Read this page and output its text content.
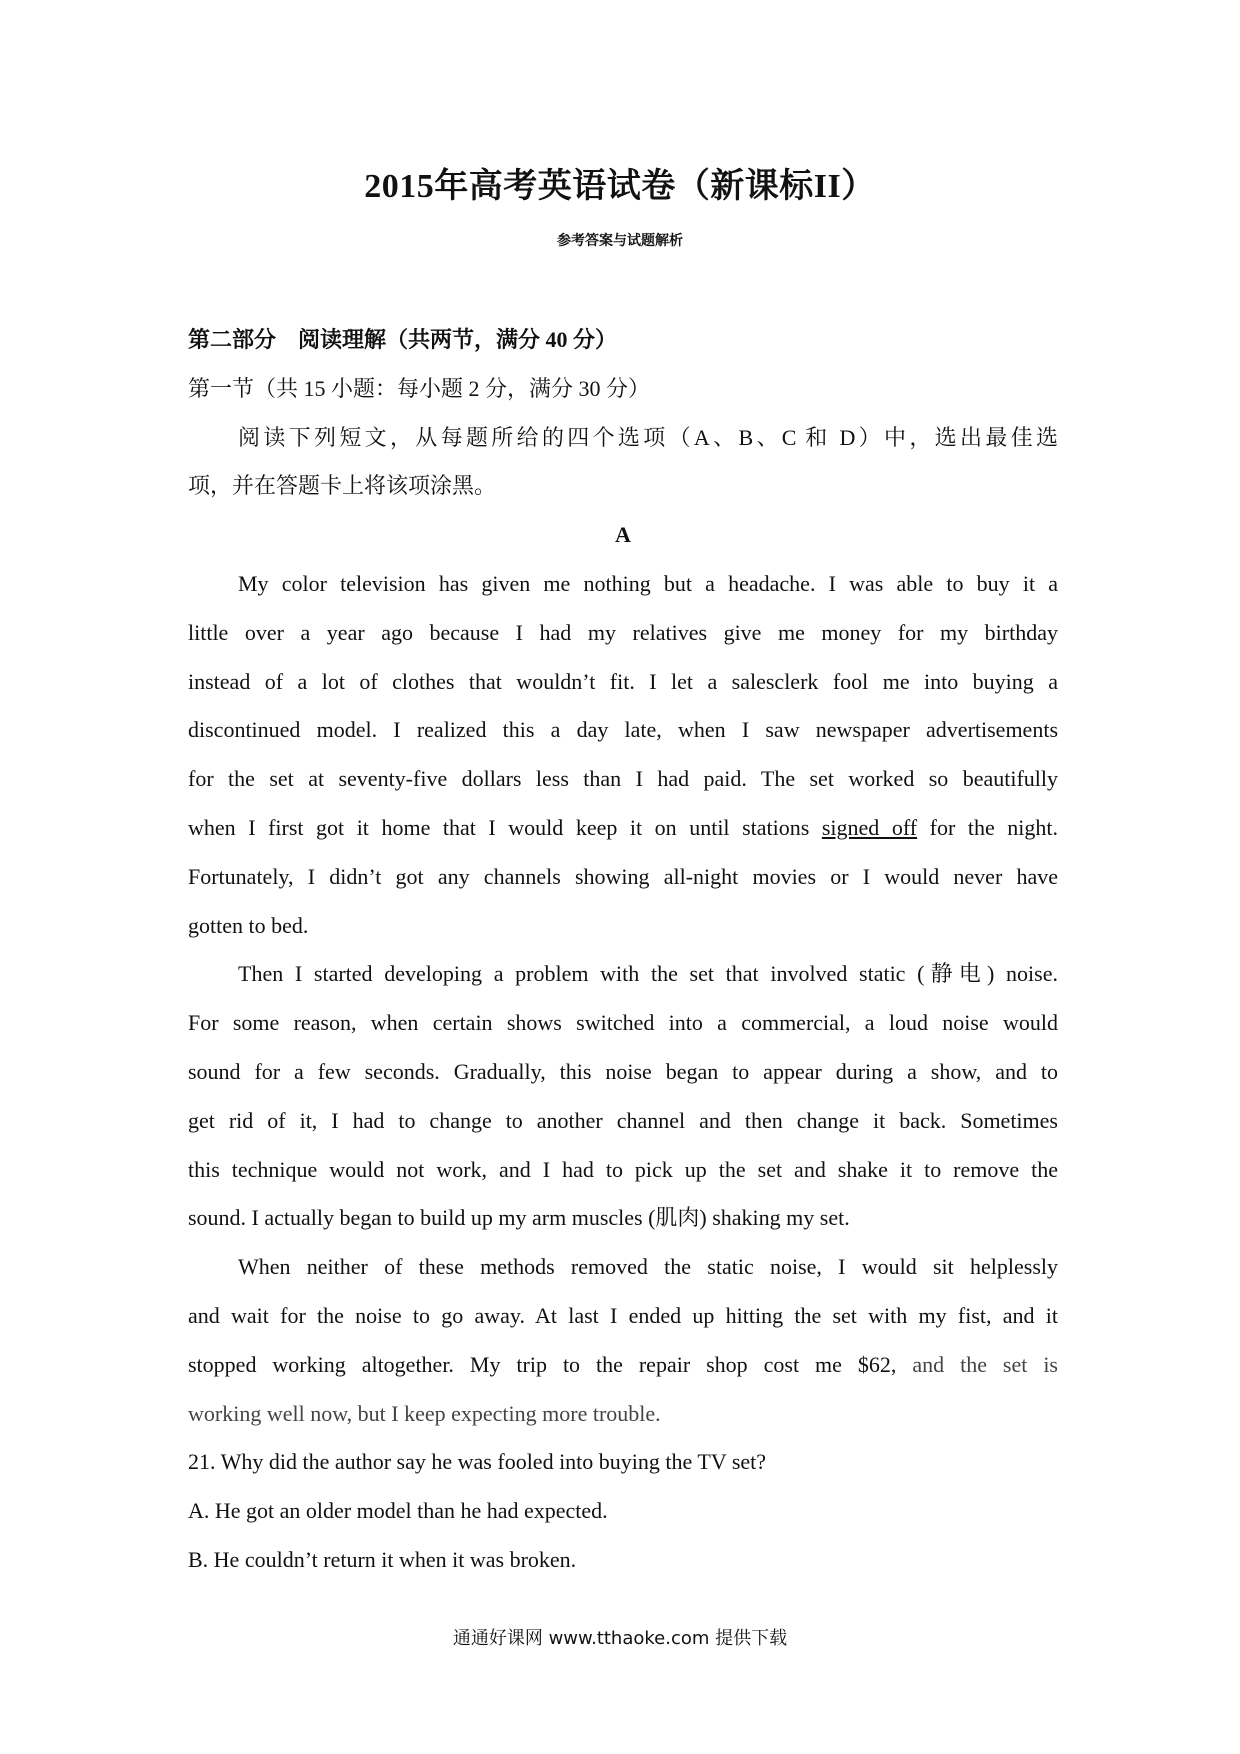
2015年高考英语试卷（新课标II）

参考答案与试题解析

第二部分　阅读理解（共两节，满分 40 分）

第一节（共 15 小题：每小题 2 分，满分 30 分）

阅读下列短文，从每题所给的四个选项（A、B、C 和 D）中，选出最佳选

项，并在答题卡上将该项涂黑。

A

My color television has given me nothing but a headache. I was able to buy it a

little over a year ago because I had my relatives give me money for my birthday

instead of a lot of clothes that wouldn’t fit. I let a salesclerk fool me into buying a

discontinued model. I realized this a day late, when I saw newspaper advertisements

for the set at seventy-five dollars less than I had paid. The set worked so beautifully

when I first got it home that I would keep it on until stations signed off for the night.

Fortunately, I didn’t got any channels showing all-night movies or I would never have

gotten to bed.

Then I started developing a problem with the set that involved static (静电) noise.

For some reason, when certain shows switched into a commercial, a loud noise would

sound for a few seconds. Gradually, this noise began to appear during a show, and to

get rid of it, I had to change to another channel and then change it back. Sometimes

this technique would not work, and I had to pick up the set and shake it to remove the

sound. I actually began to build up my arm muscles (肌肉) shaking my set.

When neither of these methods removed the static noise, I would sit helplessly

and wait for the noise to go away. At last I ended up hitting the set with my fist, and it

stopped working altogether. My trip to the repair shop cost me $62, and the set is

working well now, but I keep expecting more trouble.

21. Why did the author say he was fooled into buying the TV set?

A. He got an older model than he had expected.

B. He couldn’t return it when it was broken.

通通好课网 www.tthaoke.com 提供下载
